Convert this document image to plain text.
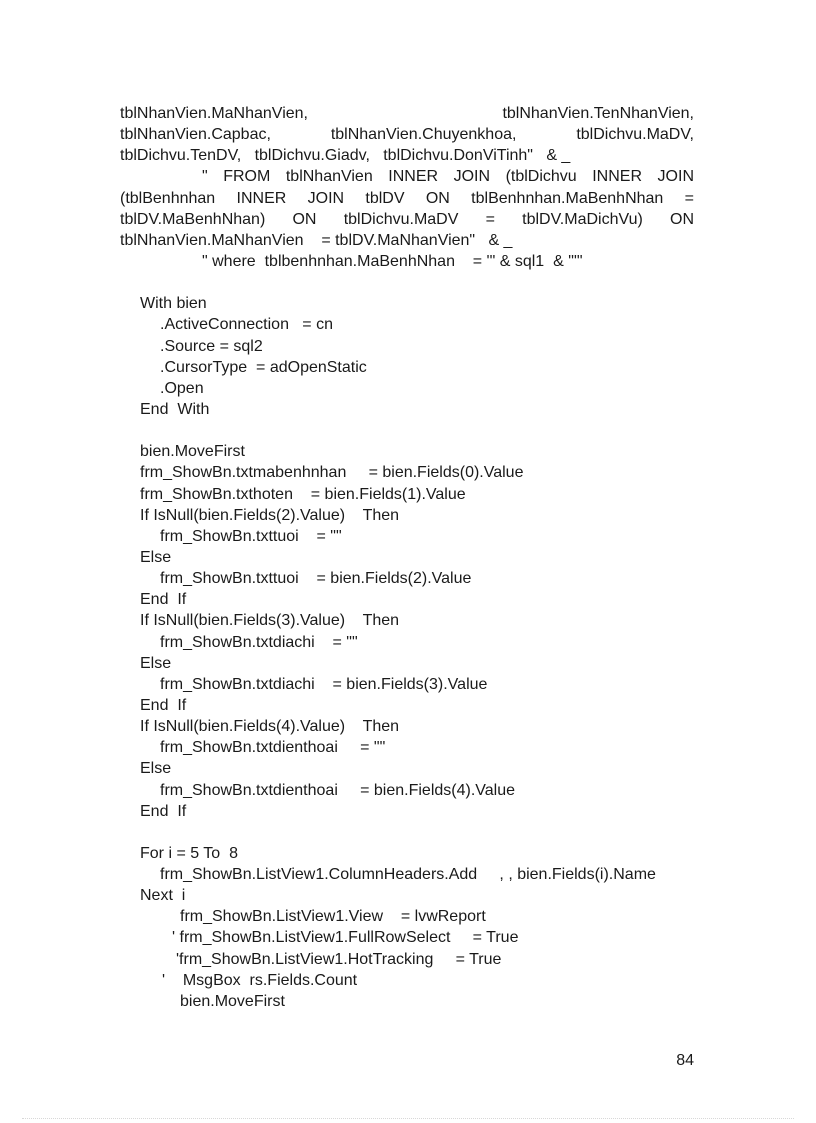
tblNhanVien.MaNhanVien, tblNhanVien.TenNhanVien,
tblNhanVien.Capbac, tblNhanVien.Chuyenkhoa, tblDichvu.MaDV,
tblDichvu.TenDV,   tblDichvu.Giadv,   tblDichvu.DonViTinh"   & _
" FROM tblNhanVien INNER JOIN (tblDichvu INNER JOIN
(tblBenhnhan INNER JOIN tblDV ON tblBenhnhan.MaBenhNhan =
tblDV.MaBenhNhan) ON tblDichvu.MaDV = tblDV.MaDichVu) ON
tblNhanVien.MaNhanVien    = tblDV.MaNhanVien"   & _
" where  tblbenhnhan.MaBenhNhan    = '" & sql1  & "'"
With bien
.ActiveConnection   = cn
.Source = sql2
.CursorType  = adOpenStatic
.Open
End  With
bien.MoveFirst
frm_ShowBn.txtmabenhnhan     = bien.Fields(0).Value
frm_ShowBn.txthoten    = bien.Fields(1).Value
If IsNull(bien.Fields(2).Value)    Then
frm_ShowBn.txttuoi    = ""
Else
frm_ShowBn.txttuoi    = bien.Fields(2).Value
End  If
If IsNull(bien.Fields(3).Value)    Then
frm_ShowBn.txtdiachi    = ""
Else
frm_ShowBn.txtdiachi    = bien.Fields(3).Value
End  If
If IsNull(bien.Fields(4).Value)    Then
frm_ShowBn.txtdienthoai     = ""
Else
frm_ShowBn.txtdienthoai     = bien.Fields(4).Value
End  If
For i = 5 To  8
frm_ShowBn.ListView1.ColumnHeaders.Add     , , bien.Fields(i).Name
Next  i
frm_ShowBn.ListView1.View    = lvwReport
' frm_ShowBn.ListView1.FullRowSelect     = True
'frm_ShowBn.ListView1.HotTracking     = True
'    MsgBox  rs.Fields.Count
bien.MoveFirst
84
